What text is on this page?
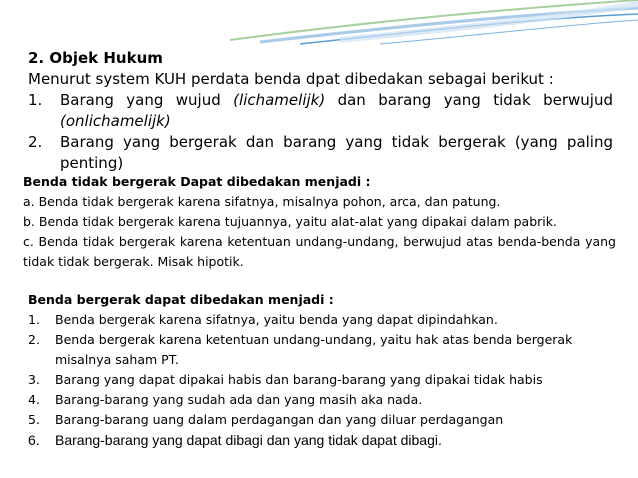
2. Objek Hukum
Menurut system KUH perdata benda dpat dibedakan sebagai berikut :
1. Barang yang wujud (lichamelijk) dan barang yang tidak berwujud (onlichamelijk)
2. Barang yang bergerak dan barang yang tidak bergerak (yang paling penting)
Benda tidak bergerak Dapat dibedakan menjadi :
a. Benda tidak bergerak karena sifatnya, misalnya pohon, arca, dan patung.
b. Benda tidak bergerak karena tujuannya, yaitu alat-alat yang dipakai dalam pabrik.
c. Benda tidak bergerak karena ketentuan undang-undang, berwujud atas benda-benda yang tidak tidak bergerak. Misak hipotik.
Benda bergerak dapat dibedakan menjadi :
1. Benda bergerak karena sifatnya, yaitu benda yang dapat dipindahkan.
2. Benda bergerak karena ketentuan undang-undang, yaitu hak atas benda bergerak misalnya saham PT.
3. Barang yang dapat dipakai habis dan barang-barang yang dipakai tidak habis
4. Barang-barang yang sudah ada dan yang masih aka nada.
5. Barang-barang uang dalam perdagangan dan yang diluar perdagangan
6. Barang-barang yang dapat dibagi dan yang tidak dapat dibagi.
